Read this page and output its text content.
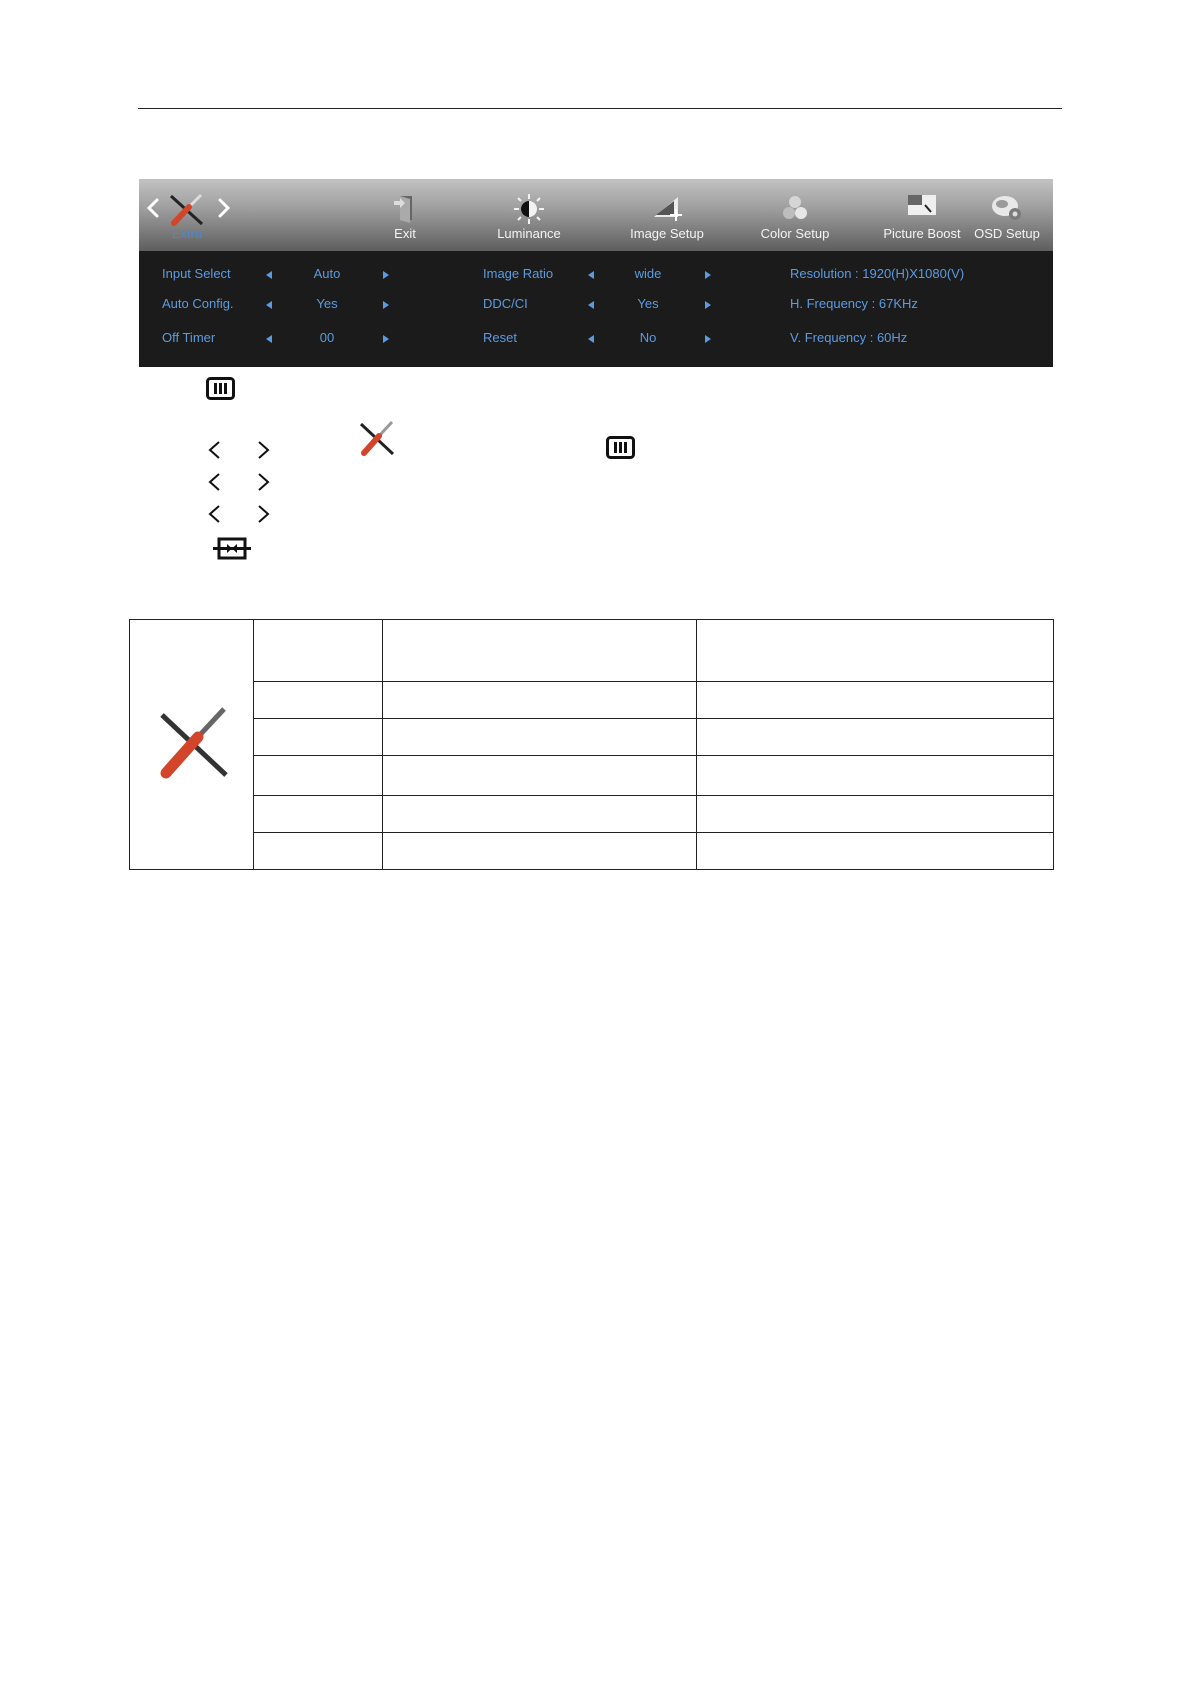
Extra	Exit	Luminance	Image Setup	Color Setup	Picture Boost	OSD Setup
Input Select	Auto	Image Ratio	wide	Resolution : 1920(H)X1080(V)
Auto Config.	Yes	DDC/CI	Yes	H. Frequency : 67KHz
Off Timer	00	Reset	No	V. Frequency : 60Hz
